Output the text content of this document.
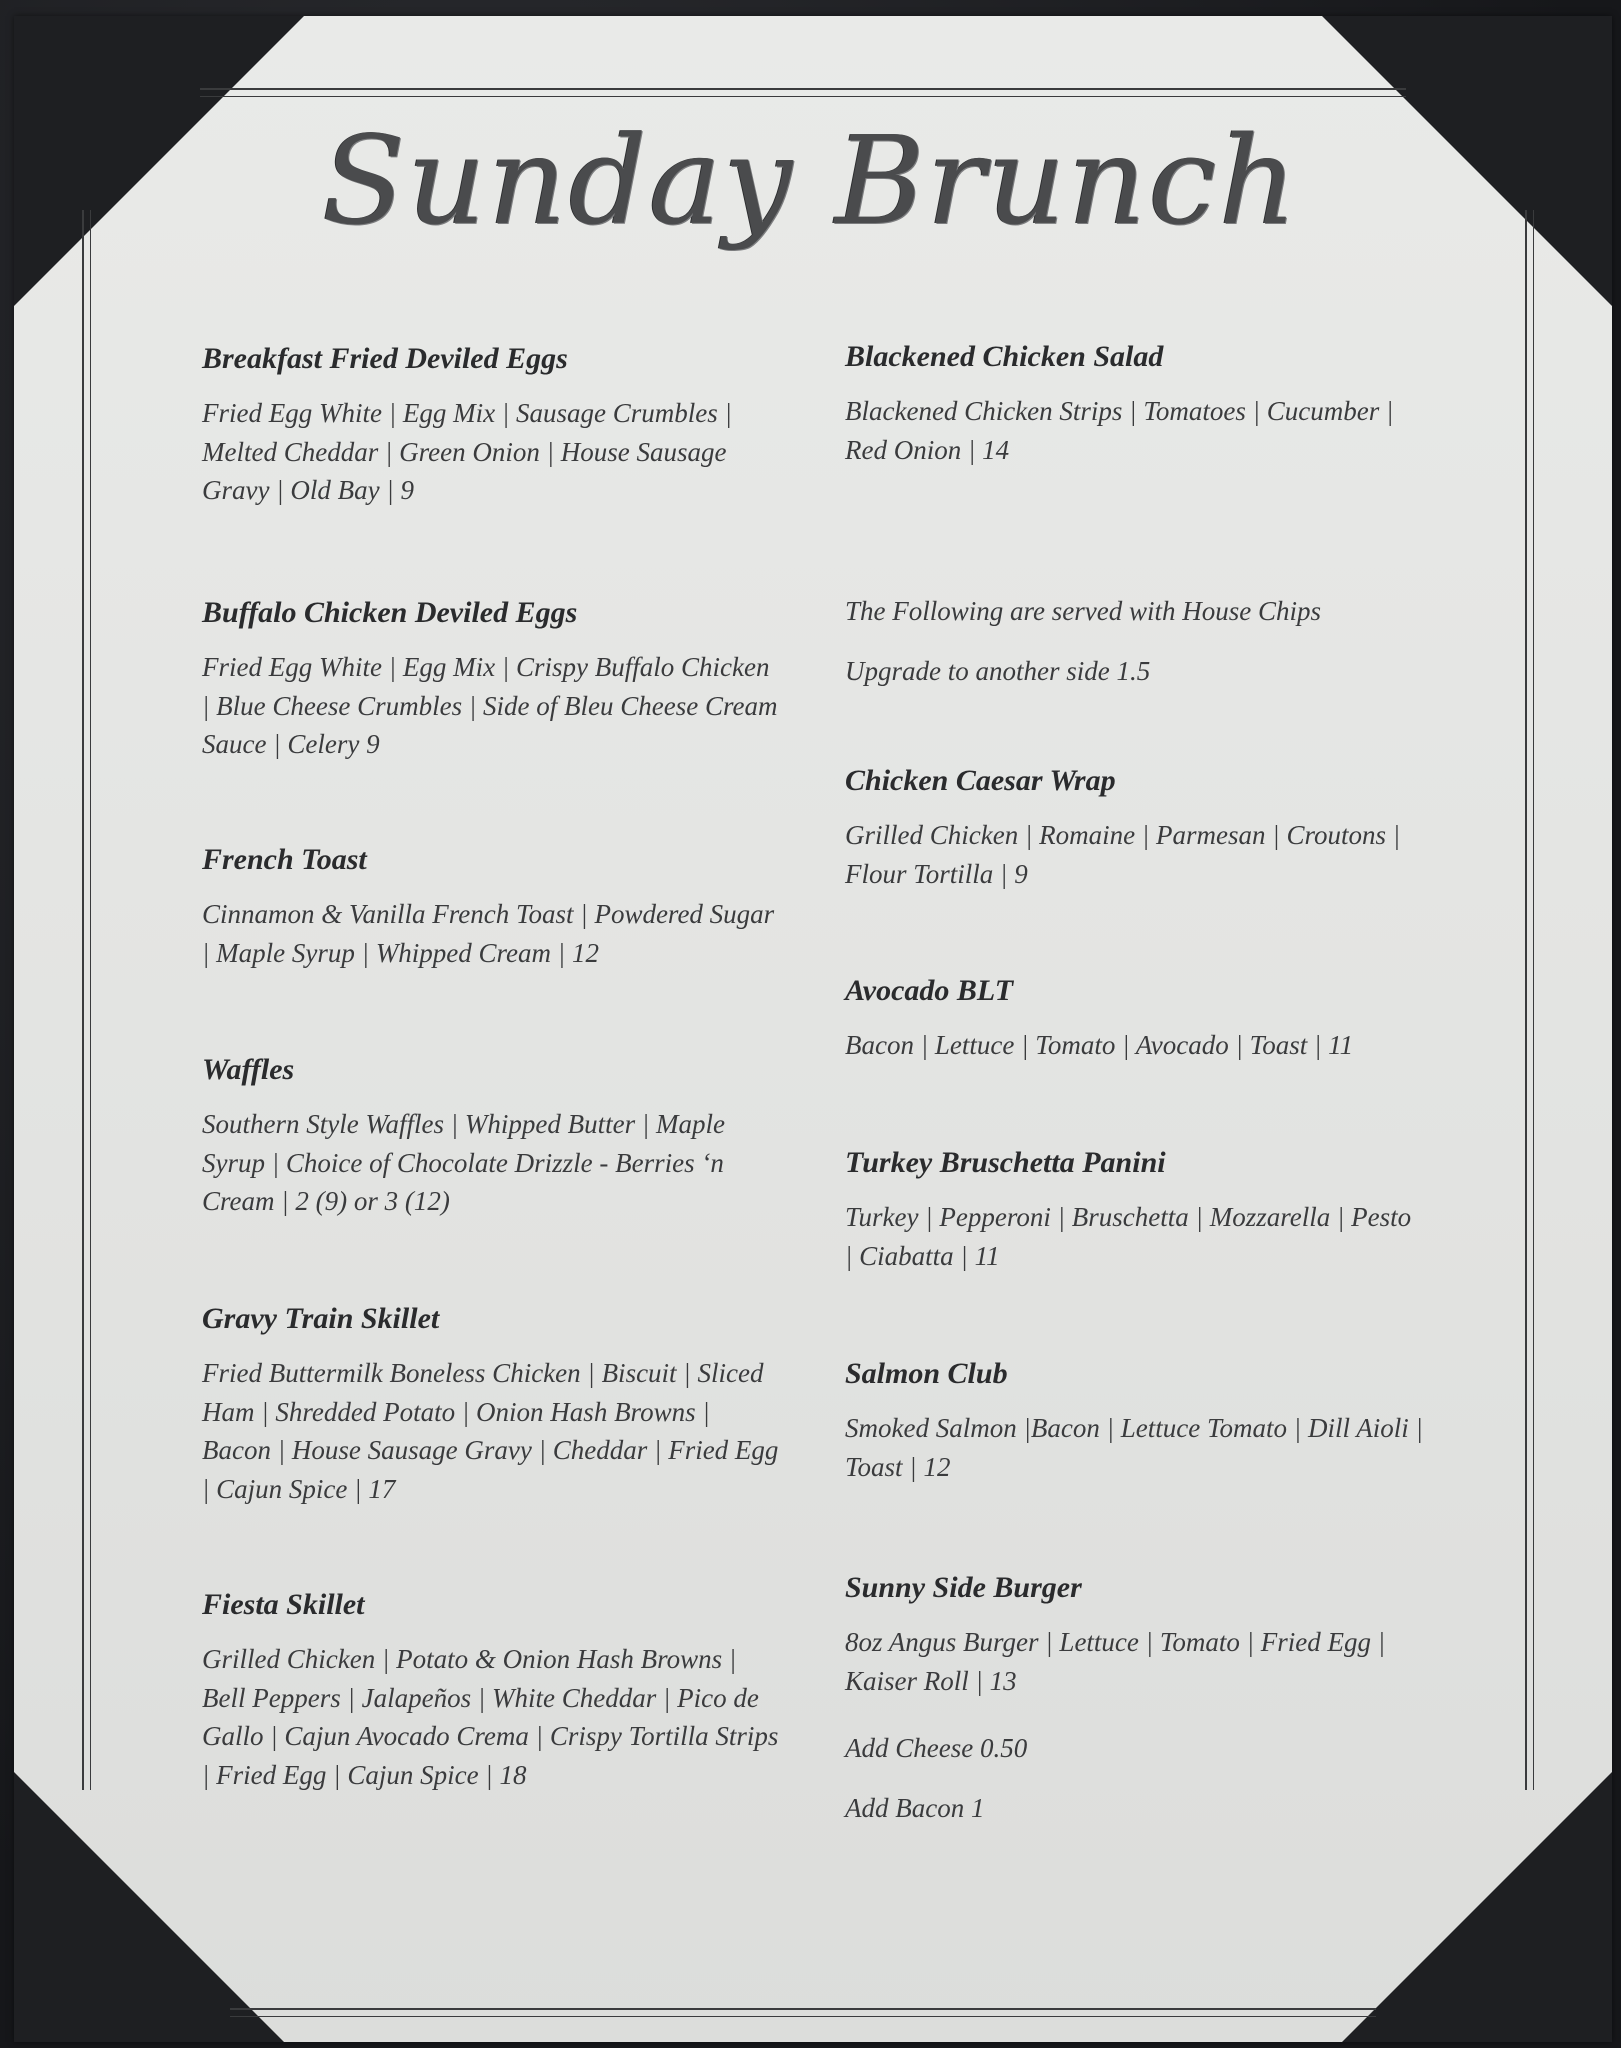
Sunday Brunch
Breakfast Fried Deviled Eggs
Fried Egg White | Egg Mix | Sausage Crumbles | Melted Cheddar | Green Onion | House Sausage Gravy | Old Bay | 9
Buffalo Chicken Deviled Eggs
Fried Egg White | Egg Mix | Crispy Buffalo Chicken | Blue Cheese Crumbles | Side of Bleu Cheese Cream Sauce | Celery 9
French Toast
Cinnamon & Vanilla French Toast | Powdered Sugar | Maple Syrup | Whipped Cream | 12
Waffles
Southern Style Waffles | Whipped Butter | Maple Syrup | Choice of Chocolate Drizzle - Berries ‘n Cream | 2 (9) or 3 (12)
Gravy Train Skillet
Fried Buttermilk Boneless Chicken | Biscuit | Sliced Ham | Shredded Potato | Onion Hash Browns | Bacon | House Sausage Gravy | Cheddar | Fried Egg | Cajun Spice | 17
Fiesta Skillet
Grilled Chicken | Potato & Onion Hash Browns | Bell Peppers | Jalapeños | White Cheddar | Pico de Gallo | Cajun Avocado Crema | Crispy Tortilla Strips | Fried Egg | Cajun Spice | 18
Blackened Chicken Salad
Blackened Chicken Strips | Tomatoes | Cucumber | Red Onion | 14
The Following are served with House Chips
Upgrade to another side 1.5
Chicken Caesar Wrap
Grilled Chicken | Romaine | Parmesan | Croutons | Flour Tortilla | 9
Avocado BLT
Bacon | Lettuce | Tomato | Avocado | Toast | 11
Turkey Bruschetta Panini
Turkey | Pepperoni | Bruschetta | Mozzarella | Pesto | Ciabatta | 11
Salmon Club
Smoked Salmon |Bacon | Lettuce Tomato | Dill Aioli | Toast | 12
Sunny Side Burger
8oz Angus Burger | Lettuce | Tomato | Fried Egg | Kaiser Roll | 13
Add Cheese 0.50
Add Bacon 1
